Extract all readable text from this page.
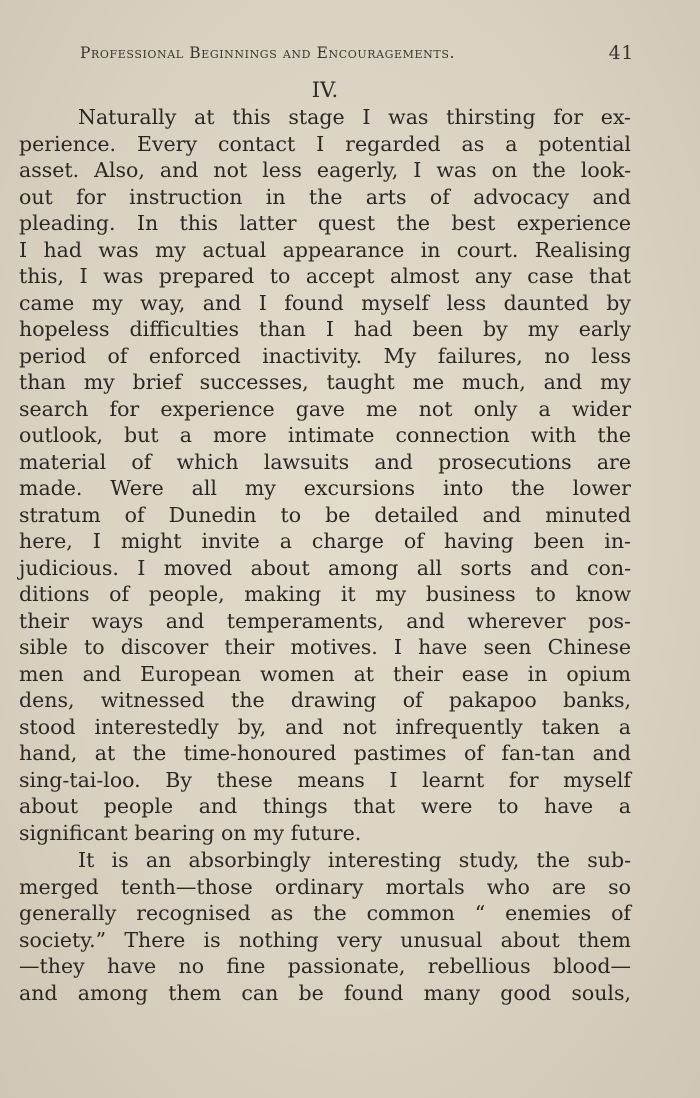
Professional Beginnings and Encouragements.	41
IV.
Naturally at this stage I was thirsting for ex-
perience. Every contact I regarded as a potential
asset. Also, and not less eagerly, I was on the look-
out for instruction in the arts of advocacy and
pleading. In this latter quest the best experience
I had was my actual appearance in court. Realising
this, I was prepared to accept almost any case that
came my way, and I found myself less daunted by
hopeless difficulties than I had been by my early
period of enforced inactivity. My failures, no less
than my brief successes, taught me much, and my
search for experience gave me not only a wider
outlook, but a more intimate connection with the
material of which lawsuits and prosecutions are
made. Were all my excursions into the lower
stratum of Dunedin to be detailed and minuted
here, I might invite a charge of having been in-
judicious. I moved about among all sorts and con-
ditions of people, making it my business to know
their ways and temperaments, and wherever pos-
sible to discover their motives. I have seen Chinese
men and European women at their ease in opium
dens, witnessed the drawing of pakapoo banks,
stood interestedly by, and not infrequently taken a
hand, at the time-honoured pastimes of fan-tan and
sing-tai-loo. By these means I learnt for myself
about people and things that were to have a
significant bearing on my future.
It is an absorbingly interesting study, the sub-
merged tenth—those ordinary mortals who are so
generally recognised as the common “ enemies of
society.” There is nothing very unusual about them
—they have no fine passionate, rebellious blood—
and among them can be found many good souls,
